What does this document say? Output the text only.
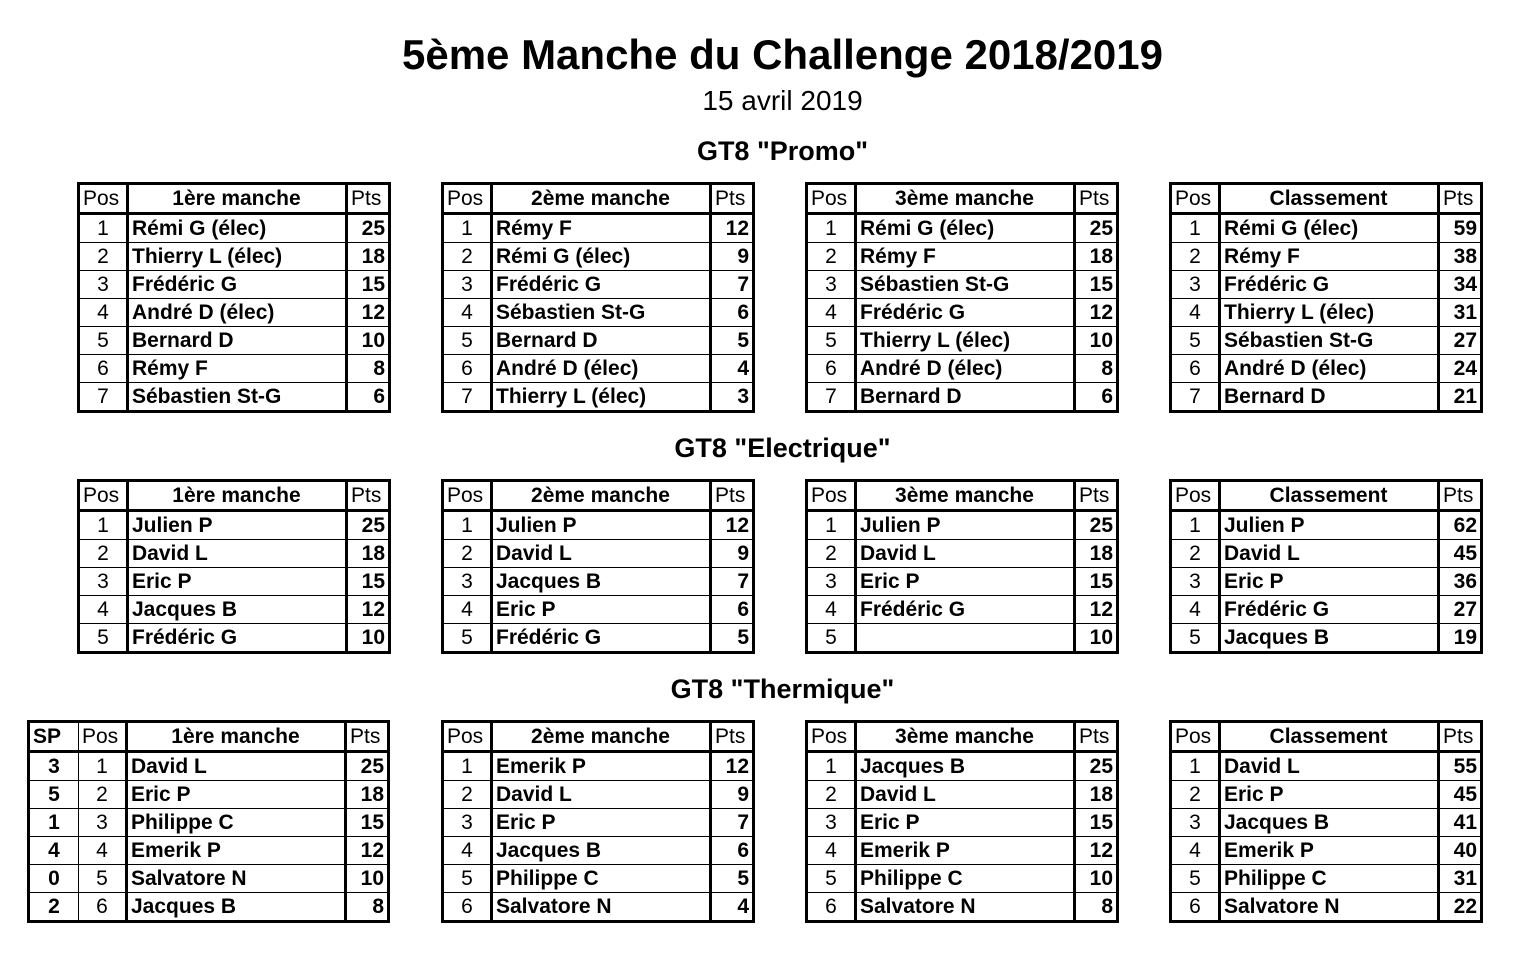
5ème Manche du Challenge 2018/2019
15 avril 2019
GT8 "Promo"
Pos	1ère manche	Pts
1	Rémi G (élec)	25
2	Thierry L (élec)	18
3	Frédéric G	15
4	André D (élec)	12
5	Bernard D	10
6	Rémy F	8
7	Sébastien St-G	6
Pos	2ème manche	Pts
1	Rémy F	12
2	Rémi G (élec)	9
3	Frédéric G	7
4	Sébastien St-G	6
5	Bernard D	5
6	André D (élec)	4
7	Thierry L (élec)	3
Pos	3ème manche	Pts
1	Rémi G (élec)	25
2	Rémy F	18
3	Sébastien St-G	15
4	Frédéric G	12
5	Thierry L (élec)	10
6	André D (élec)	8
7	Bernard D	6
Pos	Classement	Pts
1	Rémi G (élec)	59
2	Rémy F	38
3	Frédéric G	34
4	Thierry L (élec)	31
5	Sébastien St-G	27
6	André D (élec)	24
7	Bernard D	21
GT8 "Electrique"
Pos	1ère manche	Pts
1	Julien P	25
2	David L	18
3	Eric P	15
4	Jacques B	12
5	Frédéric G	10
Pos	2ème manche	Pts
1	Julien P	12
2	David L	9
3	Jacques B	7
4	Eric P	6
5	Frédéric G	5
Pos	3ème manche	Pts
1	Julien P	25
2	David L	18
3	Eric P	15
4	Frédéric G	12
5		10
Pos	Classement	Pts
1	Julien P	62
2	David L	45
3	Eric P	36
4	Frédéric G	27
5	Jacques B	19
GT8 "Thermique"
SP	Pos	1ère manche	Pts
3	1	David L	25
5	2	Eric P	18
1	3	Philippe C	15
4	4	Emerik P	12
0	5	Salvatore N	10
2	6	Jacques B	8
Pos	2ème manche	Pts
1	Emerik P	12
2	David L	9
3	Eric P	7
4	Jacques B	6
5	Philippe C	5
6	Salvatore N	4
Pos	3ème manche	Pts
1	Jacques B	25
2	David L	18
3	Eric P	15
4	Emerik P	12
5	Philippe C	10
6	Salvatore N	8
Pos	Classement	Pts
1	David L	55
2	Eric P	45
3	Jacques B	41
4	Emerik P	40
5	Philippe C	31
6	Salvatore N	22
